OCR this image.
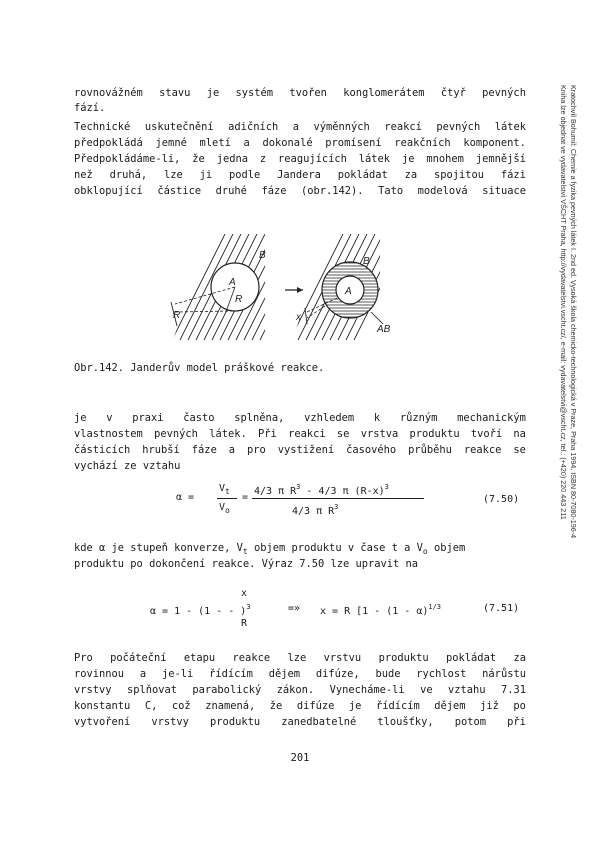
rovnovážném stavu je systém tvořen konglomerátem čtyř pevných
fází.
Technické uskutečnění adičních a výměnných reakcí pevných látek
předpokládá jemné mletí a dokonalé promísení reakčních komponent.
Předpokládáme-li, že jedna z reagujících látek je mnohem jemnější
než druhá, lze ji podle Jandera pokládat za spojitou fázi
obklopující částice druhé fáze (obr.142). Tato modelová situace
B
A
R
R
B
A
x
AB
Obr.142. Janderův model práškové reakce.
je v praxi často splněna, vzhledem k různým mechanickým
vlastnostem pevných látek. Při reakci se vrstva produktu tvoří na
částicích hrubší fáze a pro vystižení časového průběhu reakce se
vychází ze vztahu
α =
$V_t$
$V_o$
=
4/3 π $R^3 - 4/3$ π $(R-x)^3$
4/3 π $R^3$
(7.50)
kde α je stupeň konverze, $V_t$ objem produktu v čase t a $V_o$ objem
produktu po dokončení reakce. Výraz 7.50 lze upravit na
x
α = 1 - (1 - - )$^3$	=» x = R [1 - (1 - α)$^{1/3}$
R
(7.51)
Pro počáteční etapu reakce lze vrstvu produktu pokládat za
rovinnou a je-li řídícím dějem difúze, bude rychlost nárůstu
vrstvy splňovat parabolický zákon. Vynecháme-li ve vztahu 7.31
konstantu C, což znamená, že difúze je řídícím dějem již po
vytvoření vrstvy produktu zanedbatelné tloušťky, potom při
201
Kratochvíl Bohumil: Chemie a fyzika pevných látek I. 2nd ed. Vysoká škola chemicko-technologická v Praze, Praha 1994. ISBN 80-7080-196-4
Kniha lze objednat ve vydavatelství VŠCHT Praha, http://vydavatelstvi.vscht.cz/, e-mail: vydavatelstvi@vscht.cz, tel.: (+420) 220 443 211
